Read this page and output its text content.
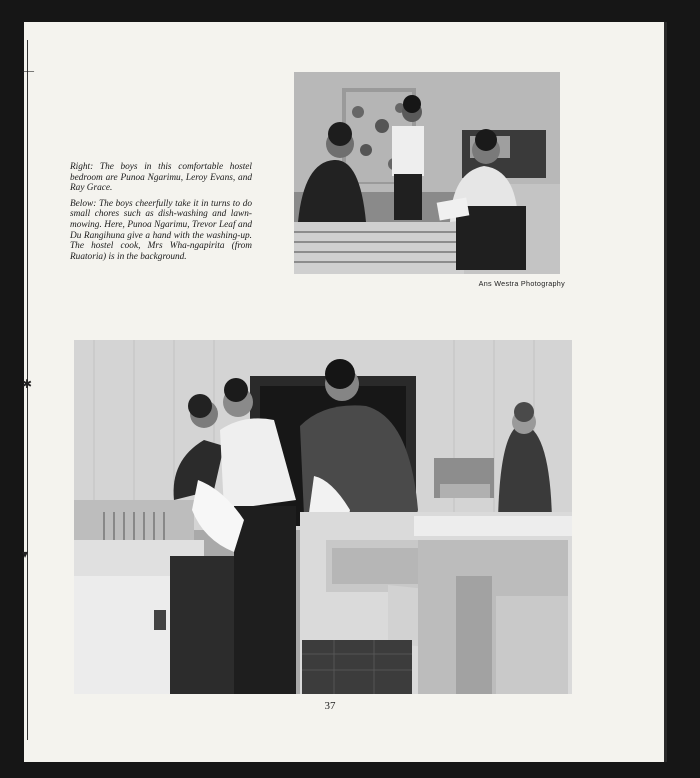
—
✱
▾

Right: The boys in this comfortable hostel bedroom are Punoa Ngarimu, Leroy Evans, and Ray Grace.

Below: The boys cheerfully take it in turns to do small chores such as dish-washing and lawn-mowing. Here, Punoa Ngarimu, Trevor Leaf and Du Rangihuna give a hand with the washing-up. The hostel cook, Mrs Wha-ngapirita (from Ruatoria) is in the background.

Ans Westra Photography
37
